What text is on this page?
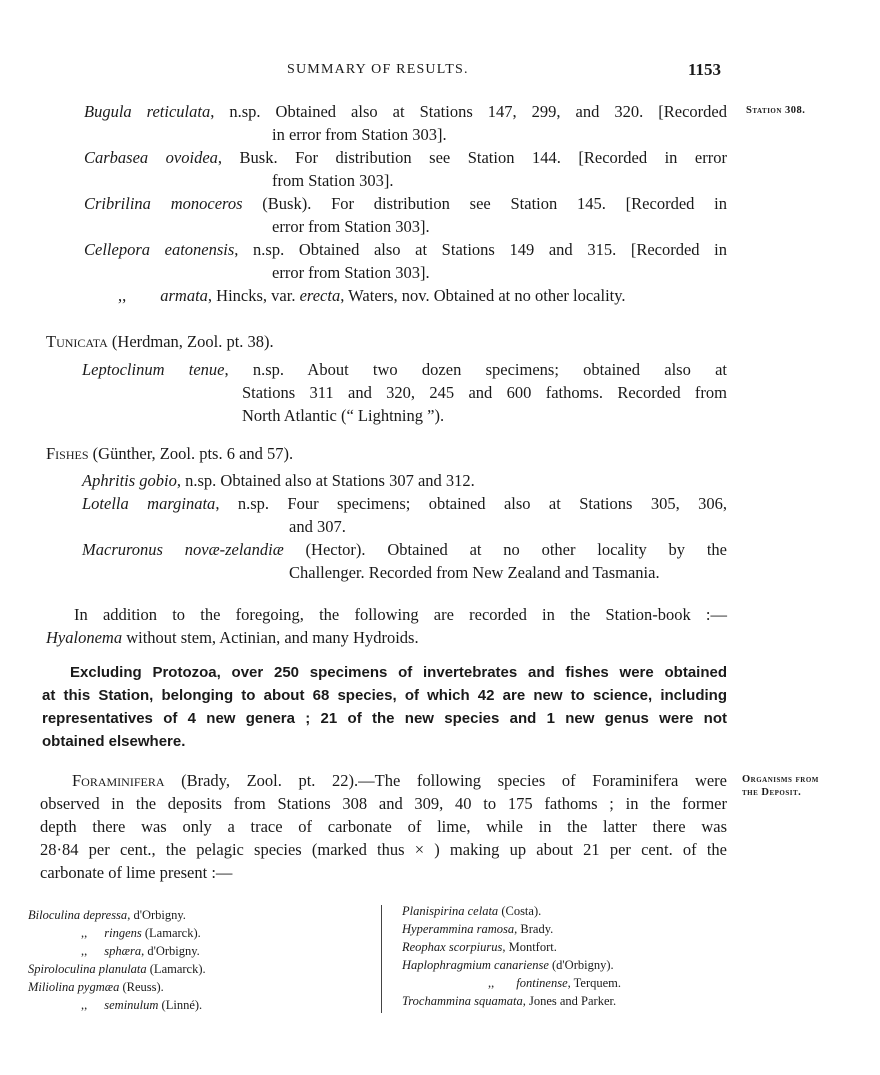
SUMMARY OF RESULTS.	1153
Station 308.
Organisms from
the Deposit.
Bugula reticulata, n.sp. Obtained also at Stations 147, 299, and 320. [Recorded
in error from Station 303].
Carbasea ovoidea, Busk. For distribution see Station 144. [Recorded in error
from Station 303].
Cribrilina monoceros (Busk). For distribution see Station 145. [Recorded in
error from Station 303].
Cellepora eatonensis, n.sp. Obtained also at Stations 149 and 315. [Recorded in
error from Station 303].
,, armata, Hincks, var. erecta, Waters, nov. Obtained at no other locality.
Tunicata (Herdman, Zool. pt. 38).
Leptoclinum tenue, n.sp. About two dozen specimens; obtained also at
Stations 311 and 320, 245 and 600 fathoms. Recorded from
North Atlantic (“ Lightning ”).
Fishes (Günther, Zool. pts. 6 and 57).
Aphritis gobio, n.sp. Obtained also at Stations 307 and 312.
Lotella marginata, n.sp. Four specimens; obtained also at Stations 305, 306,
and 307.
Macruronus novæ-zelandiæ (Hector). Obtained at no other locality by the
Challenger. Recorded from New Zealand and Tasmania.
In addition to the foregoing, the following are recorded in the Station-book :—
Hyalonema without stem, Actinian, and many Hydroids.
Excluding Protozoa, over 250 specimens of invertebrates and fishes were obtained
at this Station, belonging to about 68 species, of which 42 are new to science, including
representatives of 4 new genera ; 21 of the new species and 1 new genus were not
obtained elsewhere.
Foraminifera (Brady, Zool. pt. 22).—The following species of Foraminifera were
observed in the deposits from Stations 308 and 309, 40 to 175 fathoms ; in the former
depth there was only a trace of carbonate of lime, while in the latter there was
28·84 per cent., the pelagic species (marked thus × ) making up about 21 per cent. of the
carbonate of lime present :—
Biloculina depressa, d'Orbigny.
,, ringens (Lamarck).
,, sphæra, d'Orbigny.
Spiroloculina planulata (Lamarck).
Miliolina pygmæa (Reuss).
,, seminulum (Linné).
Planispirina celata (Costa).
Hyperammina ramosa, Brady.
Reophax scorpiurus, Montfort.
Haplophragmium canariense (d'Orbigny).
,, fontinense, Terquem.
Trochammina squamata, Jones and Parker.
